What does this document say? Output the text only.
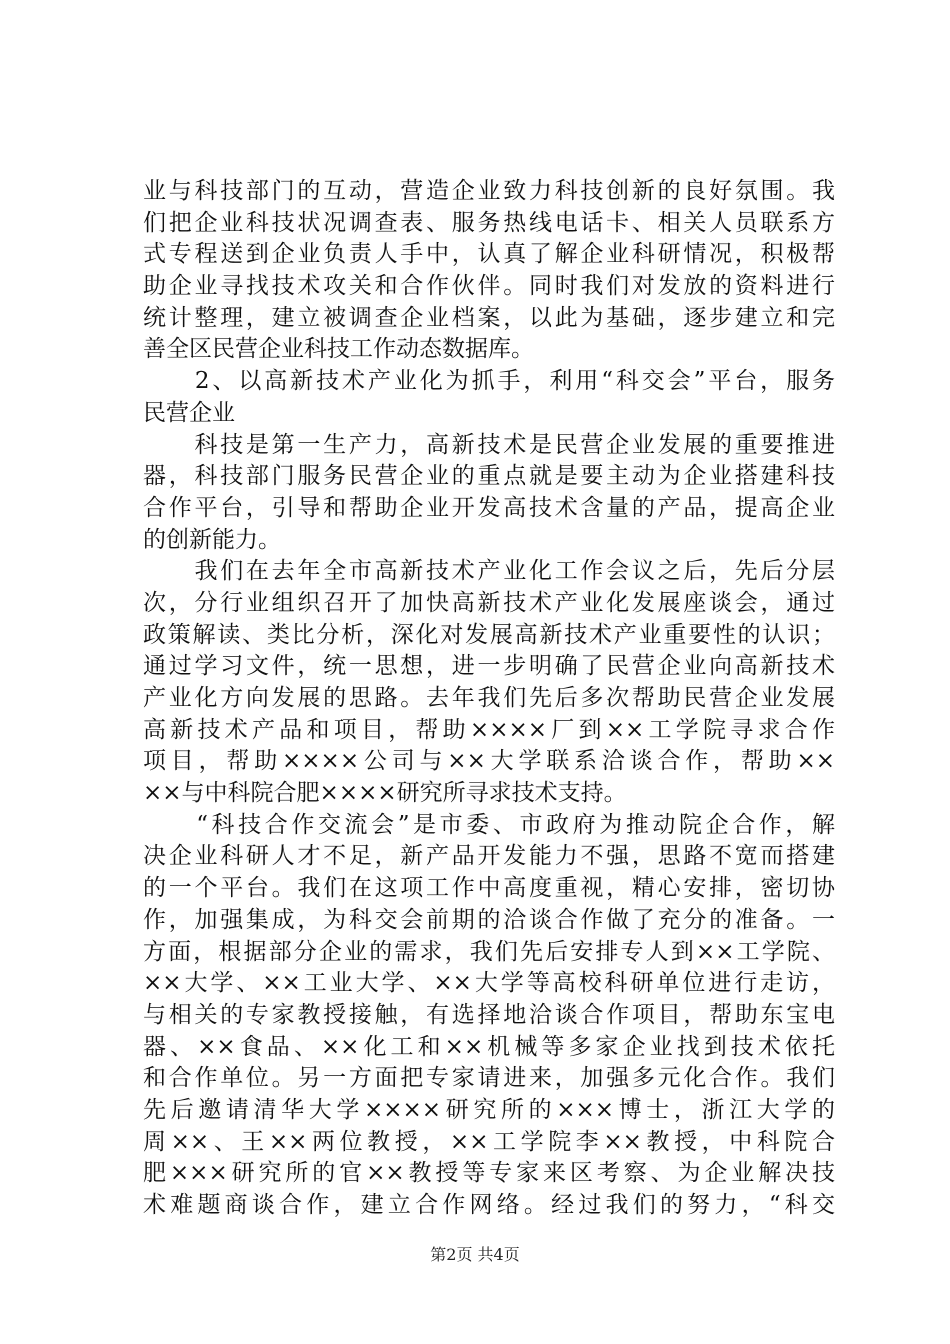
业与科技部门的互动，营造企业致力科技创新的良好氛围。我
们把企业科技状况调查表、服务热线电话卡、相关人员联系方
式专程送到企业负责人手中，认真了解企业科研情况，积极帮
助企业寻找技术攻关和合作伙伴。同时我们对发放的资料进行
统计整理，建立被调查企业档案，以此为基础，逐步建立和完
善全区民营企业科技工作动态数据库。
　　2、以高新技术产业化为抓手，利用“科交会”平台，服务
民营企业
　　科技是第一生产力，高新技术是民营企业发展的重要推进
器，科技部门服务民营企业的重点就是要主动为企业搭建科技
合作平台，引导和帮助企业开发高技术含量的产品，提高企业
的创新能力。
　　我们在去年全市高新技术产业化工作会议之后，先后分层
次，分行业组织召开了加快高新技术产业化发展座谈会，通过
政策解读、类比分析，深化对发展高新技术产业重要性的认识；
通过学习文件，统一思想，进一步明确了民营企业向高新技术
产业化方向发展的思路。去年我们先后多次帮助民营企业发展
高新技术产品和项目，帮助××××厂到××工学院寻求合作
项目，帮助××××公司与××大学联系洽谈合作，帮助××
××与中科院合肥××××研究所寻求技术支持。
　　“科技合作交流会”是市委、市政府为推动院企合作，解
决企业科研人才不足，新产品开发能力不强，思路不宽而搭建
的一个平台。我们在这项工作中高度重视，精心安排，密切协
作，加强集成，为科交会前期的洽谈合作做了充分的准备。一
方面，根据部分企业的需求，我们先后安排专人到××工学院、
××大学、××工业大学、××大学等高校科研单位进行走访，
与相关的专家教授接触，有选择地洽谈合作项目，帮助东宝电
器、××食品、××化工和××机械等多家企业找到技术依托
和合作单位。另一方面把专家请进来，加强多元化合作。我们
先后邀请清华大学××××研究所的×××博士，浙江大学的
周××、王××两位教授，××工学院李××教授，中科院合
肥×××研究所的官××教授等专家来区考察、为企业解决技
术难题商谈合作，建立合作网络。经过我们的努力，“科交
第2页 共4页
